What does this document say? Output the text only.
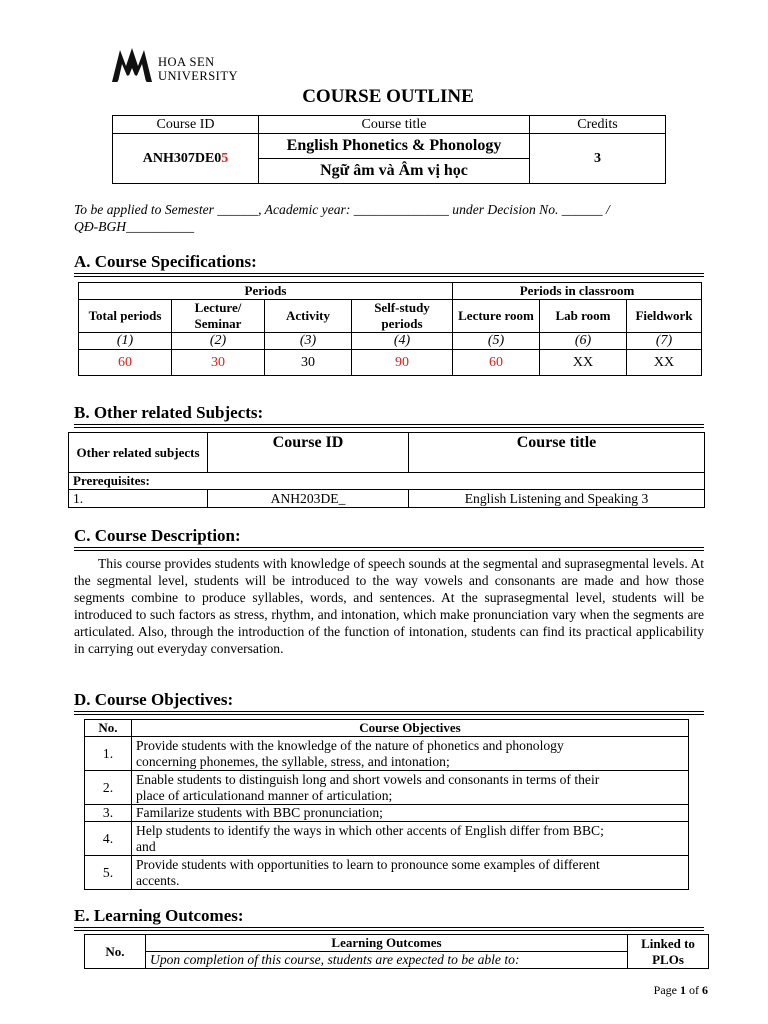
HOA SEN
UNIVERSITY
COURSE OUTLINE
Course ID	Course title	Credits
ANH307DE05	English Phonetics & Phonology	3
	Ngữ âm và Âm vị học	
To be applied to Semester ______, Academic year: ______________ under Decision No. ______ /
QĐ-BGH__________
A. Course Specifications:
Periods				Periods in classroom		
Total periods	Lecture/ Seminar	Activity	Self-study periods	Lecture room	Lab room	Fieldwork
(1)	(2)	(3)	(4)	(5)	(6)	(7)
60	30	30	90	60	XX	XX
B. Other related Subjects:
Other related subjects	Course ID	Course title
Prerequisites:		
1.	ANH203DE_	English Listening and Speaking 3
C. Course Description:
This course provides students with knowledge of speech sounds at the segmental and suprasegmental levels. At the segmental level, students will be introduced to the way vowels and consonants are made and how those segments combine to produce syllables, words, and sentences. At the suprasegmental level, students will be introduced to such factors as stress, rhythm, and intonation, which make pronunciation vary when the segments are articulated. Also, through the introduction of the function of intonation, students can find its practical applicability in carrying out everyday conversation.
D. Course Objectives:
No.	Course Objectives
1.	Provide students with the knowledge of the nature of phonetics and phonology
concerning phonemes, the syllable, stress, and intonation;

2.	Enable students to distinguish long and short vowels and consonants in terms of their
place of articulationand manner of articulation;

3.	Familarize students with BBC pronunciation;
4.	Help students to identify the ways in which other accents of English differ from BBC;
and

5.	Provide students with opportunities to learn to pronounce some examples of different
accents.
E. Learning Outcomes:
No.	Learning Outcomes	Linked to PLOs
Upon completion of this course, students are expected to be able to:
Page 1 of 6
